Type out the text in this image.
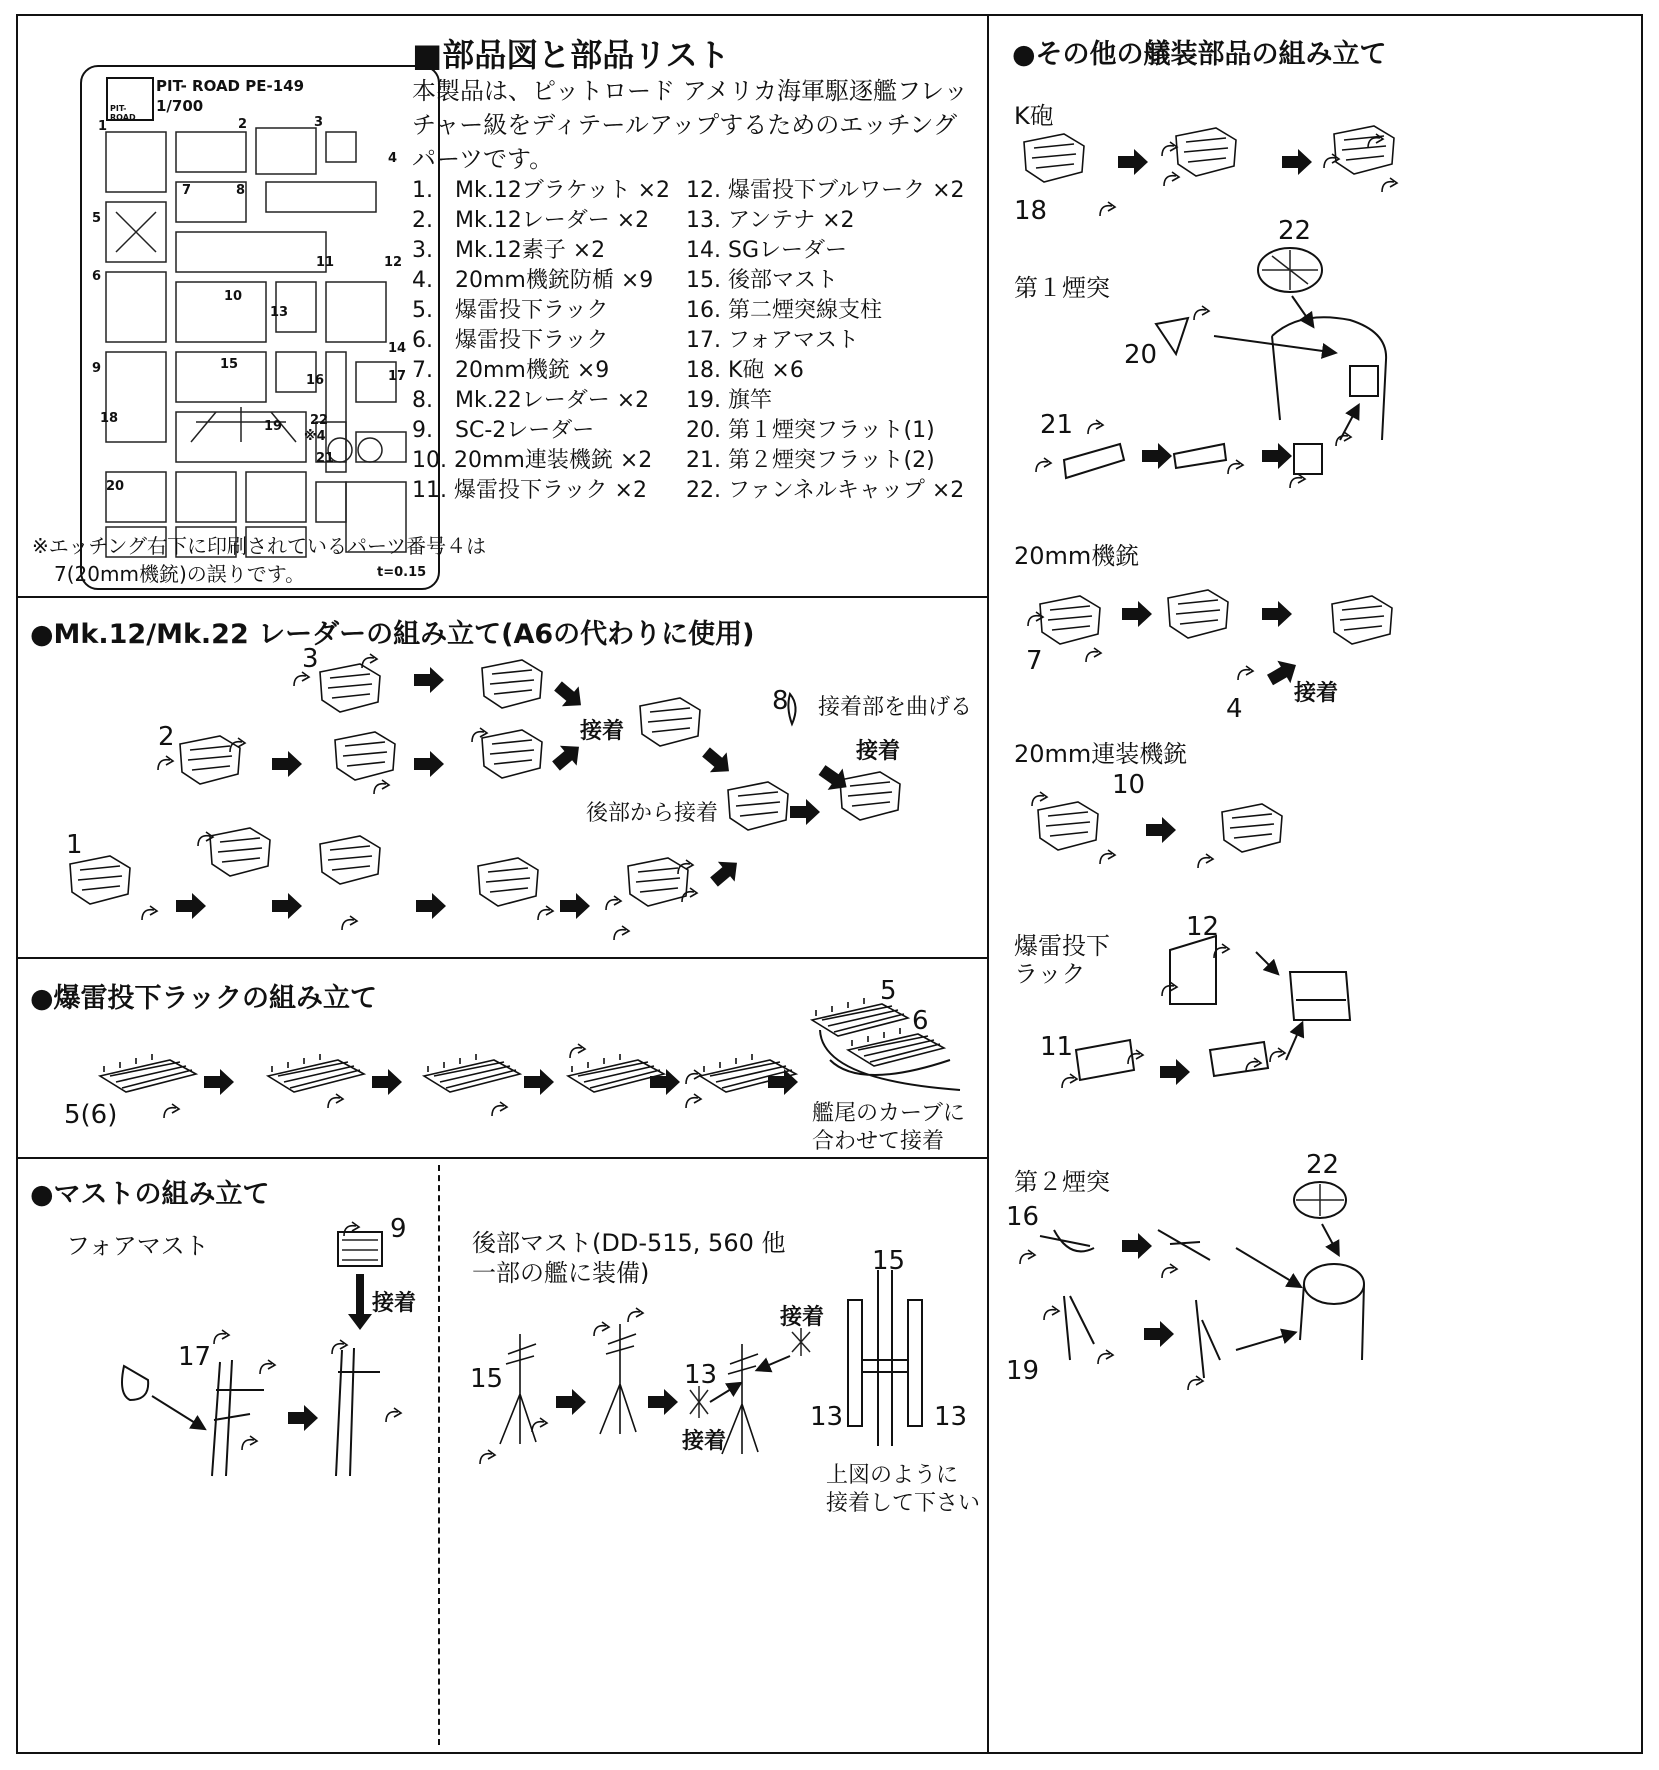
PIT-ROAD
PIT- ROAD PE-149
1/700
t=0.15
1	2	3
4
5
6
7	8
9
10
11	12
13
14
15
16	17
18
19 22
※4
21
20
■部品図と部品リスト
本製品は、ピットロード アメリカ海軍駆逐艦フレッチャー級をディテールアップするためのエッチングパーツです。
1.　Mk.12ブラケット ×2
2.　Mk.12レーダー ×2
3.　Mk.12素子 ×2
4.　20mm機銃防楯 ×9
5.　爆雷投下ラック
6.　爆雷投下ラック
7.　20mm機銃 ×9
8.　Mk.22レーダー ×2
9.　SC-2レーダー
10. 20mm連装機銃 ×2
11. 爆雷投下ラック ×2
12. 爆雷投下ブルワーク ×2
13. アンテナ ×2
14. SGレーダー
15. 後部マスト
16. 第二煙突線支柱
17. フォアマスト
18. K砲 ×6
19. 旗竿
20. 第１煙突フラット(1)
21. 第２煙突フラット(2)
22. ファンネルキャップ ×2
※エッチング右下に印刷されているパーツ番号４は
7(20mm機銃)の誤りです。
●Mk.12/Mk.22 レーダーの組み立て(A6の代わりに使用)
3
2
1
8
接着
接着
接着部を曲げる
後部から接着
●爆雷投下ラックの組み立て
5(6)
5
6
艦尾のカーブに
合わせて接着
●マストの組み立て
フォアマスト
9
17
接着
後部マスト(DD-515, 560 他
一部の艦に装備)
15	13
接着
接着
15
13	13
上図のように
接着して下さい
●その他の艤装部品の組み立て
K砲
18
第１煙突
22
20
21
20mm機銃
7
4
接着
20mm連装機銃
10
爆雷投下
ラック
12
11
第２煙突
22
16
19
